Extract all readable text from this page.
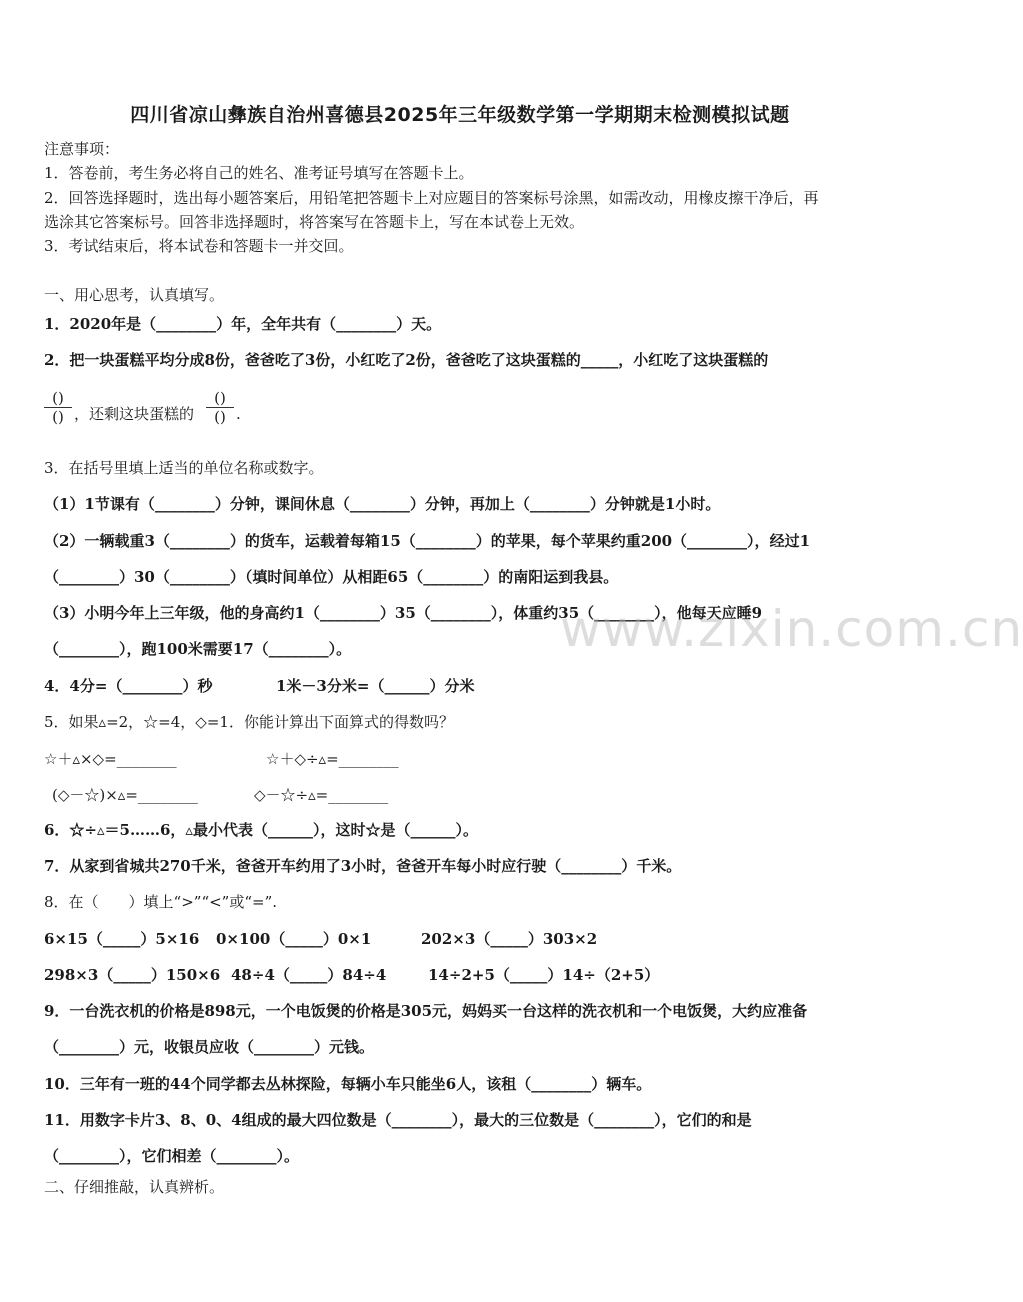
四川省凉山彝族自治州喜德县2025年三年级数学第一学期期末检测模拟试题
注意事项：
1．答卷前，考生务必将自己的姓名、准考证号填写在答题卡上。
2．回答选择题时，选出每小题答案后，用铅笔把答题卡上对应题目的答案标号涂黑，如需改动，用橡皮擦干净后，再
选涂其它答案标号。回答非选择题时，将答案写在答题卡上，写在本试卷上无效。
3．考试结束后，将本试卷和答题卡一并交回。
一、用心思考，认真填写。
1．2020年是（________）年，全年共有（________）天。
2．把一块蛋糕平均分成8份，爸爸吃了3份，小红吃了2份，爸爸吃了这块蛋糕的_____，小红吃了这块蛋糕的
()
() ，还剩这块蛋糕的
()
() .
3．在括号里填上适当的单位名称或数字。
（1）1节课有（________）分钟，课间休息（________）分钟，再加上（________）分钟就是1小时。
（2）一辆载重3（________）的货车，运载着每箱15（________）的苹果，每个苹果约重200（________），经过1
（________）30（________）（填时间单位）从相距65（________）的南阳运到我县。
（3）小明今年上三年级，他的身高约1（________）35（________），体重约35（________），他每天应睡9
（________），跑100米需要17（________）。
4．4分=（________）秒	1米－3分米=（______）分米
5．如果▵=2，☆=4，◇=1．你能计算出下面算式的得数吗？
☆＋▵×◇=________	☆＋◇÷▵=________
(◇－☆)×▵=________	◇－☆÷▵=________
6．☆÷▵＝5……6，▵最小代表（______），这时☆是（______）。
7．从家到省城共270千米，爸爸开车约用了3小时，爸爸开车每小时应行驶（________）千米。
8．在（　　）填上“>”“<”或“=”.
6×15（_____）5×16 0×100（_____）0×1	202×3（_____）303×2
298×3（_____）150×6 48÷4（_____）84÷4	14÷2+5（_____）14÷（2+5）
9．一台洗衣机的价格是898元，一个电饭煲的价格是305元，妈妈买一台这样的洗衣机和一个电饭煲，大约应准备
（________）元，收银员应收（________）元钱。
10．三年有一班的44个同学都去丛林探险，每辆小车只能坐6人，该租（________）辆车。
11．用数字卡片3、8、0、4组成的最大四位数是（________），最大的三位数是（________），它们的和是
（________），它们相差（________）。
二、仔细推敲，认真辨析。
www.zixin.com.cn
